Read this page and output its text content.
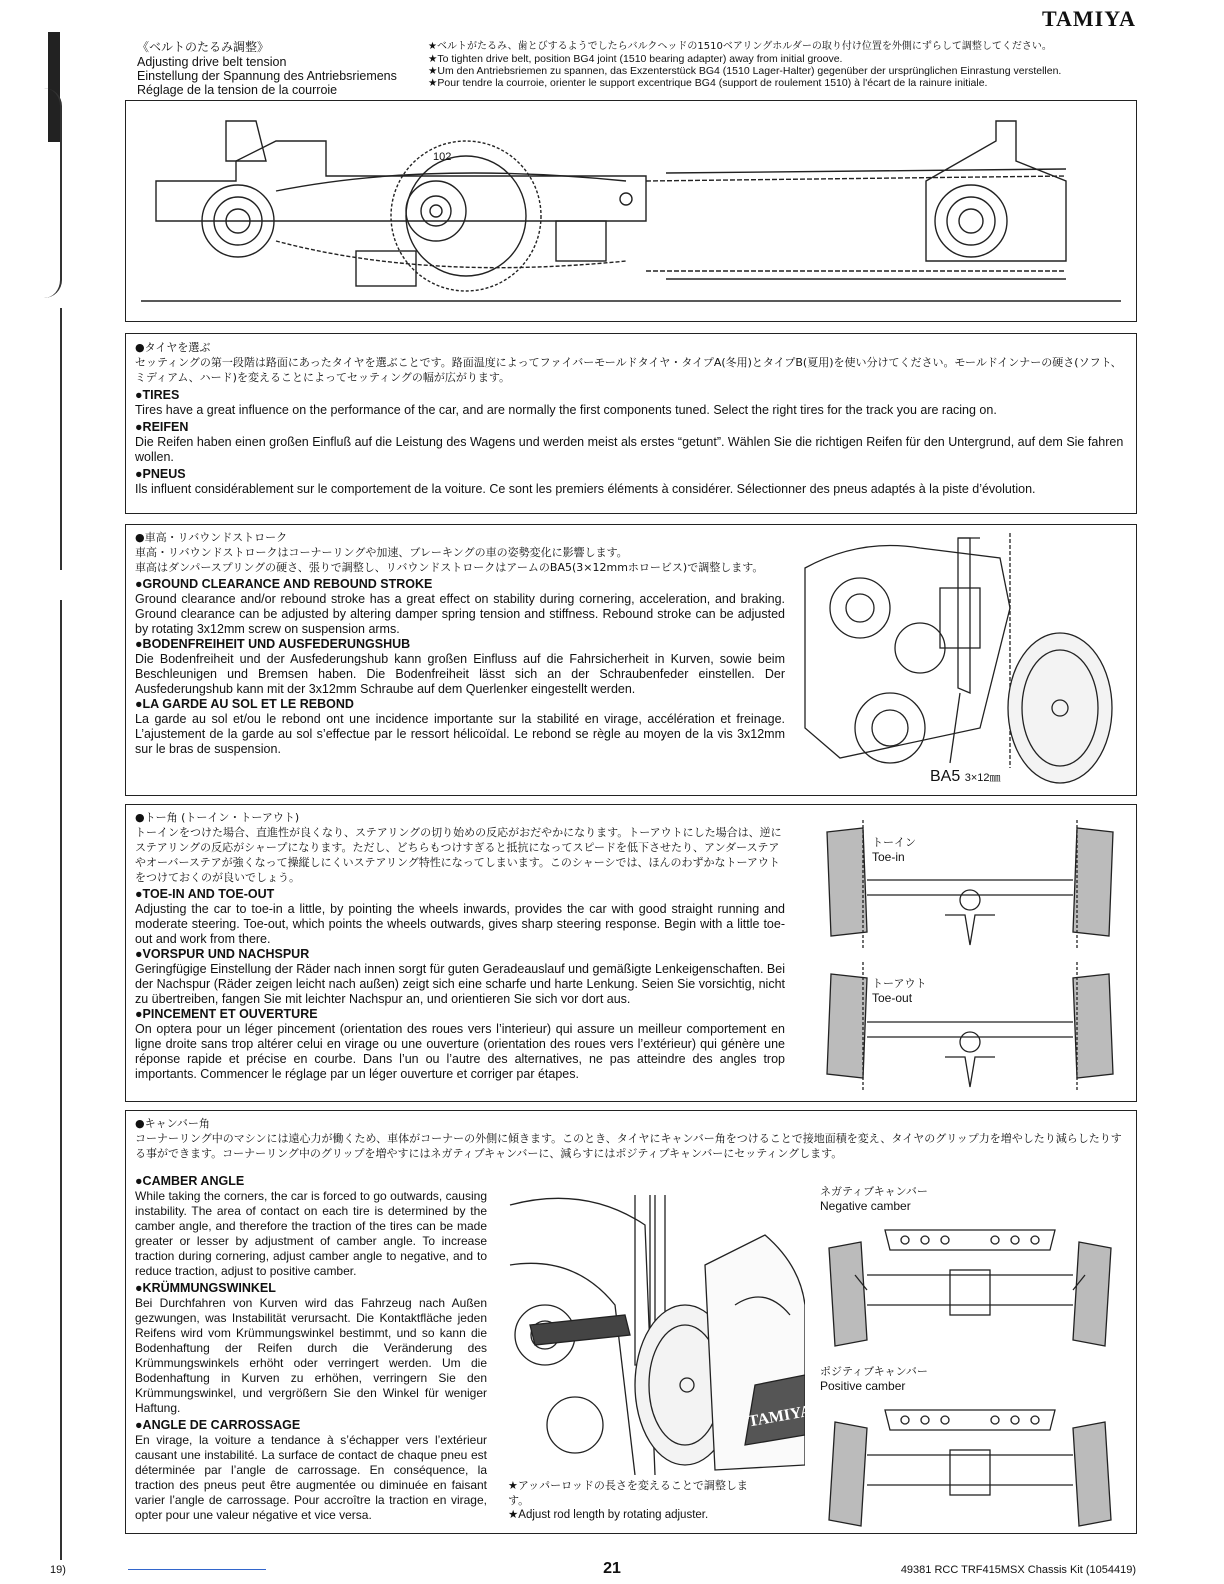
TAMIYA
《ベルトのたるみ調整》
Adjusting drive belt tension
Einstellung der Spannung des Antriebsriemens
Réglage de la tension de la courroie
★ベルトがたるみ、歯とびするようでしたらバルクヘッドの1510ベアリングホルダーの取り付け位置を外側にずらして調整してください。
★To tighten drive belt, position BG4 joint (1510 bearing adapter) away from initial groove.
★Um den Antriebsriemen zu spannen, das Exzenterstück BG4 (1510 Lager-Halter) gegenüber der ursprünglichen Einrastung verstellen.
★Pour tendre la courroie, orienter le support excentrique BG4 (support de roulement 1510) à l'écart de la rainure initiale.
102

●タイヤを選ぶ

セッティングの第一段階は路面にあったタイヤを選ぶことです。路面温度によってファイバーモールドタイヤ・タイプA(冬用)とタイプB(夏用)を使い分けてください。モールドインナーの硬さ(ソフト、ミディアム、ハード)を変えることによってセッティングの幅が広がります。

●TIRES

Tires have a great influence on the performance of the car, and are normally the first components tuned. Select the right tires for the track you are racing on.

●REIFEN

Die Reifen haben einen großen Einfluß auf die Leistung des Wagens und werden meist als erstes “getunt”. Wählen Sie die richtigen Reifen für den Untergrund, auf dem Sie fahren wollen.

●PNEUS

Ils influent considérablement sur le comportement de la voiture. Ce sont les premiers éléments à considérer. Sélectionner des pneus adaptés à la piste d’évolution.

●車高・リバウンドストローク

車高・リバウンドストロークはコーナーリングや加速、ブレーキングの車の姿勢変化に影響します。

車高はダンパースプリングの硬さ、張りで調整し、リバウンドストロークはアームのBA5(3×12mmホロービス)で調整します。

●GROUND CLEARANCE AND REBOUND STROKE

Ground clearance and/or rebound stroke has a great effect on stability during cornering, acceleration, and braking. Ground clearance can be adjusted by altering damper spring tension and stiffness. Rebound stroke can be adjusted by rotating 3x12mm screw on suspension arms.

●BODENFREIHEIT UND AUSFEDERUNGSHUB

Die Bodenfreiheit und der Ausfederungshub kann großen Einfluss auf die Fahrsicherheit in Kurven, sowie beim Beschleunigen und Bremsen haben. Die Bodenfreiheit lässt sich an der Schraubenfeder einstellen. Der Ausfederungshub kann mit der 3x12mm Schraube auf dem Querlenker eingestellt werden.

●LA GARDE AU SOL ET LE REBOND

La garde au sol et/ou le rebond ont une incidence importante sur la stabilité en virage, accélération et freinage. L’ajustement de la garde au sol s’effectue par le ressort hélicoïdal. Le rebond se règle au moyen de la vis 3x12mm sur le bras de suspension.

BA5 3×12㎜

●トー角 (トーイン・トーアウト)

トーインをつけた場合、直進性が良くなり、ステアリングの切り始めの反応がおだやかになります。トーアウトにした場合は、逆にステアリングの反応がシャープになります。ただし、どちらもつけすぎると抵抗になってスピードを低下させたり、アンダーステアやオーバーステアが強くなって操縦しにくいステアリング特性になってしまいます。このシャーシでは、ほんのわずかなトーアウトをつけておくのが良いでしょう。

●TOE-IN AND TOE-OUT

Adjusting the car to toe-in a little, by pointing the wheels inwards, provides the car with good straight running and moderate steering. Toe-out, which points the wheels outwards, gives sharp steering response. Begin with a little toe-out and work from there.

●VORSPUR UND NACHSPUR

Geringfügige Einstellung der Räder nach innen sorgt für guten Geradeauslauf und gemäßigte Lenkeigenschaften. Bei der Nachspur (Räder zeigen leicht nach außen) zeigt sich eine scharfe und harte Lenkung. Seien Sie vorsichtig, nicht zu übertreiben, fangen Sie mit leichter Nachspur an, und orientieren Sie sich vor dort aus.

●PINCEMENT ET OUVERTURE

On optera pour un léger pincement (orientation des roues vers l’interieur) qui assure un meilleur comportement en ligne droite sans trop altérer celui en virage ou une ouverture (orientation des roues vers l’extérieur) qui génère une réponse rapide et précise en courbe. Dans l’un ou l’autre des alternatives, ne pas atteindre des angles trop importants. Commencer le réglage par un léger ouverture et corriger par étapes.

トーイン
Toe-in
トーアウト
Toe-out

●キャンバー角

コーナーリング中のマシンには遠心力が働くため、車体がコーナーの外側に傾きます。このとき、タイヤにキャンバー角をつけることで接地面積を変え、タイヤのグリップ力を増やしたり減らしたりする事ができます。コーナーリング中のグリップを増やすにはネガティブキャンバーに、減らすにはポジティブキャンバーにセッティングします。

●CAMBER ANGLE

While taking the corners, the car is forced to go outwards, causing instability. The area of contact on each tire is determined by the camber angle, and therefore the traction of the tires can be made greater or lesser by adjustment of camber angle. To increase traction during cornering, adjust camber angle to negative, and to reduce traction, adjust to positive camber.

●KRÜMMUNGSWINKEL

Bei Durchfahren von Kurven wird das Fahrzeug nach Außen gezwungen, was Instabilität verursacht. Die Kontaktfläche jeden Reifens wird vom Krümmungswinkel bestimmt, und so kann die Bodenhaftung der Reifen durch die Veränderung des Krümmungswinkels erhöht oder verringert werden. Um die Bodenhaftung in Kurven zu erhöhen, verringern Sie den Krümmungswinkel, und vergrößern Sie den Winkel für weniger Haftung.

●ANGLE DE CARROSSAGE

En virage, la voiture a tendance à s’échapper vers l’extérieur causant une instabilité. La surface de contact de chaque pneu est déterminée par l’angle de carrossage. En conséquence, la traction des pneus peut être augmentée ou diminuée en faisant varier l’angle de carrossage. Pour accroître la traction en virage, opter pour une valeur négative et vice versa.

TAMIYA
★アッパーロッドの長さを変えることで調整します。
★Adjust rod length by rotating adjuster.
ネガティブキャンバー
Negative camber
ポジティブキャンバー
Positive camber
21	49381 RCC TRF415MSX Chassis Kit (1054419)
19)
